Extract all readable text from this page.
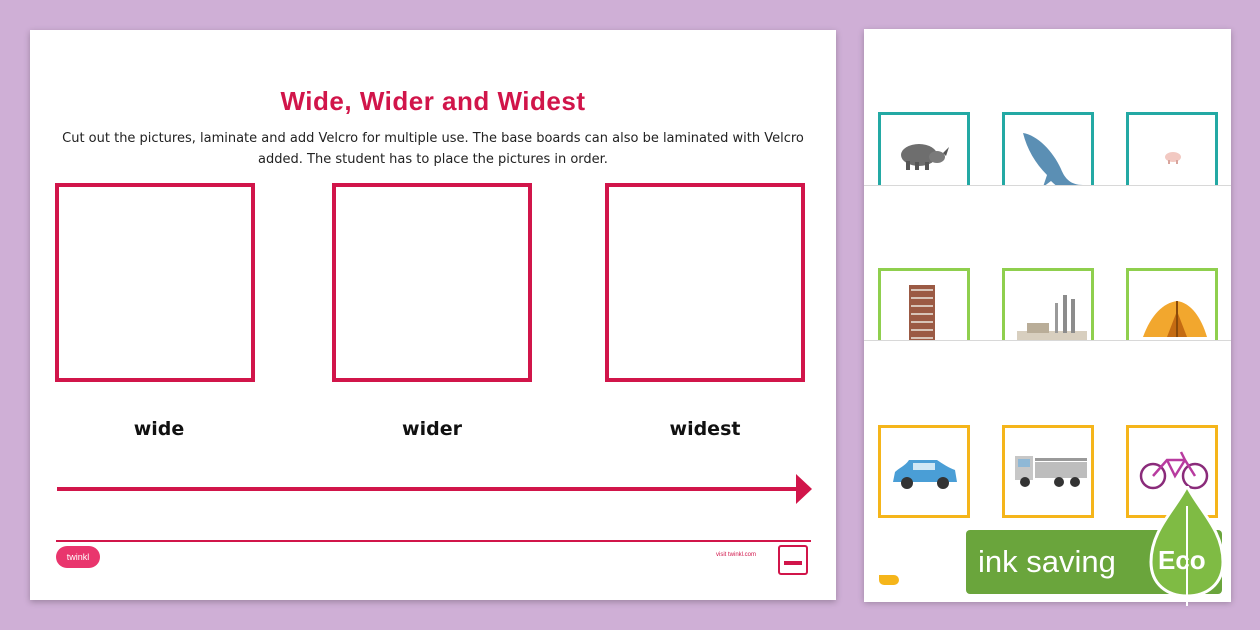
Wide, Wider and Widest
Cut out the pictures, laminate and add Velcro for multiple use. The base boards can also be laminated with Velcro added. The student has to place the pictures in order.
wide	wider	widest
twinkl	visit twinkl.com	ink saving Eco
